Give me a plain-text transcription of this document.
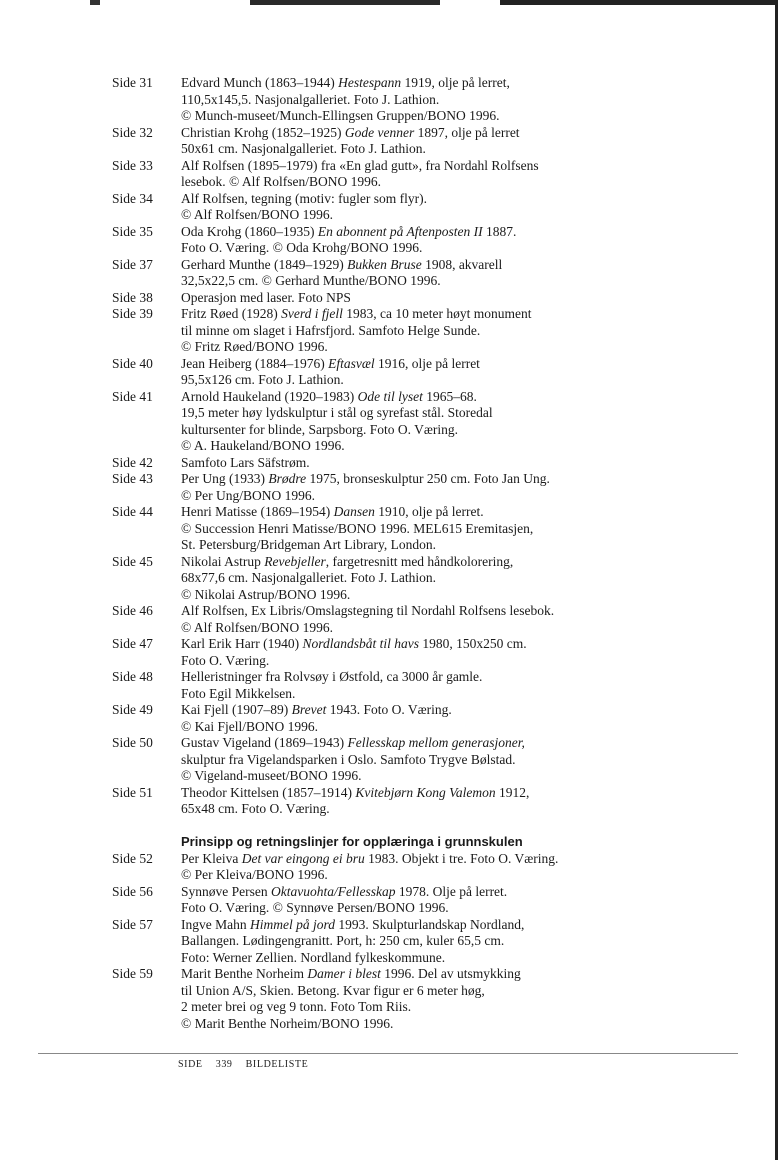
Side 31	Edvard Munch (1863–1944) Hestespann 1919, olje på lerret,
110,5x145,5. Nasjonalgalleriet. Foto J. Lathion.
© Munch-museet/Munch-Ellingsen Gruppen/BONO 1996.
Side 32	Christian Krohg (1852–1925) Gode venner 1897, olje på lerret
50x61 cm. Nasjonalgalleriet. Foto J. Lathion.
Side 33	Alf Rolfsen (1895–1979) fra «En glad gutt», fra Nordahl Rolfsens
lesebok. © Alf Rolfsen/BONO 1996.
Side 34	Alf Rolfsen, tegning (motiv: fugler som flyr).
© Alf Rolfsen/BONO 1996.
Side 35	Oda Krohg (1860–1935) En abonnent på Aftenposten II 1887.
Foto O. Væring. © Oda Krohg/BONO 1996.
Side 37	Gerhard Munthe (1849–1929) Bukken Bruse 1908, akvarell
32,5x22,5 cm. © Gerhard Munthe/BONO 1996.
Side 38	Operasjon med laser. Foto NPS
Side 39	Fritz Røed (1928) Sverd i fjell 1983, ca 10 meter høyt monument
til minne om slaget i Hafrsfjord. Samfoto Helge Sunde.
© Fritz Røed/BONO 1996.
Side 40	Jean Heiberg (1884–1976) Eftasvæl 1916, olje på lerret
95,5x126 cm. Foto J. Lathion.
Side 41	Arnold Haukeland (1920–1983) Ode til lyset 1965–68.
19,5 meter høy lydskulptur i stål og syrefast stål. Storedal
kultursenter for blinde, Sarpsborg. Foto O. Væring.
© A. Haukeland/BONO 1996.
Side 42	Samfoto Lars Säfstrøm.
Side 43	Per Ung (1933) Brødre 1975, bronseskulptur 250 cm. Foto Jan Ung.
© Per Ung/BONO 1996.
Side 44	Henri Matisse (1869–1954) Dansen 1910, olje på lerret.
© Succession Henri Matisse/BONO 1996. MEL615 Eremitasjen,
St. Petersburg/Bridgeman Art Library, London.
Side 45	Nikolai Astrup Revebjeller, fargetresnitt med håndkolorering,
68x77,6 cm. Nasjonalgalleriet. Foto J. Lathion.
© Nikolai Astrup/BONO 1996.
Side 46	Alf Rolfsen, Ex Libris/Omslagstegning til Nordahl Rolfsens lesebok.
© Alf Rolfsen/BONO 1996.
Side 47	Karl Erik Harr (1940) Nordlandsbåt til havs 1980, 150x250 cm.
Foto O. Væring.
Side 48	Helleristninger fra Rolvsøy i Østfold, ca 3000 år gamle.
Foto Egil Mikkelsen.
Side 49	Kai Fjell (1907–89) Brevet 1943. Foto O. Væring.
© Kai Fjell/BONO 1996.
Side 50	Gustav Vigeland (1869–1943) Fellesskap mellom generasjoner,
skulptur fra Vigelandsparken i Oslo. Samfoto Trygve Bølstad.
© Vigeland-museet/BONO 1996.
Side 51	Theodor Kittelsen (1857–1914) Kvitebjørn Kong Valemon 1912,
65x48 cm. Foto O. Væring.
Prinsipp og retningslinjer for opplæringa i grunnskulen
Side 52	Per Kleiva Det var eingong ei bru 1983. Objekt i tre. Foto O. Væring.
© Per Kleiva/BONO 1996.
Side 56	Synnøve Persen Oktavuohta/Fellesskap 1978. Olje på lerret.
Foto O. Væring. © Synnøve Persen/BONO 1996.
Side 57	Ingve Mahn Himmel på jord 1993. Skulpturlandskap Nordland,
Ballangen. Lødingengranitt. Port, h: 250 cm, kuler 65,5 cm.
Foto: Werner Zellien. Nordland fylkeskommune.
Side 59	Marit Benthe Norheim Damer i blest 1996. Del av utsmykking
til Union A/S, Skien. Betong. Kvar figur er 6 meter høg,
2 meter brei og veg 9 tonn. Foto Tom Riis.
© Marit Benthe Norheim/BONO 1996.
SIDE 339 BILDELISTE
